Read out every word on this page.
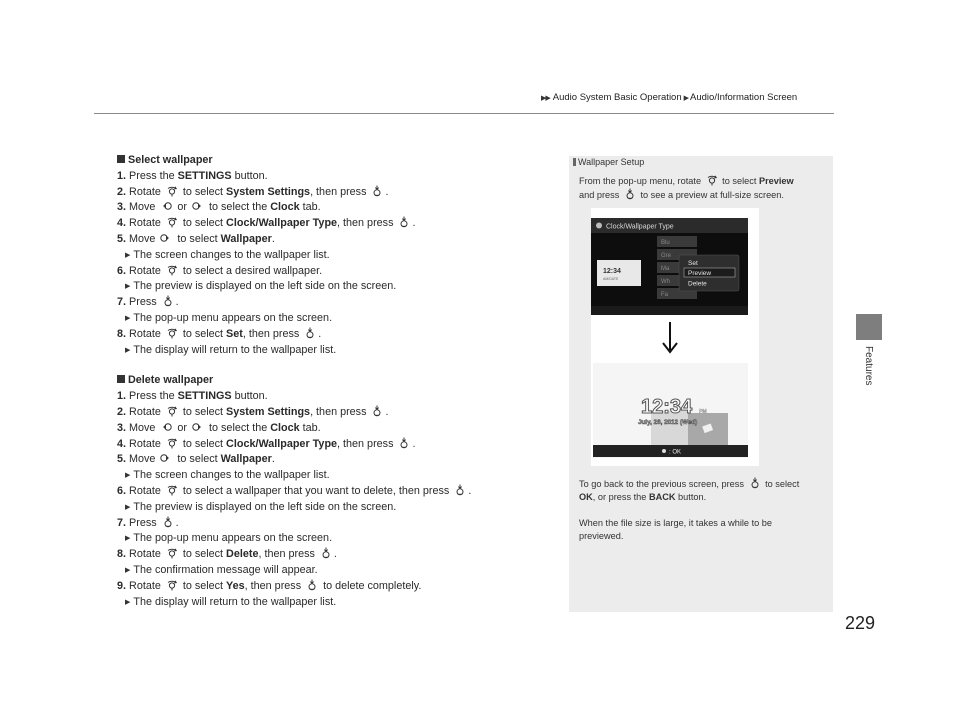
▶▶ Audio System Basic Operation ▶ Audio/Information Screen
Features
Select wallpaper
1. Press the SETTINGS button.
2. Rotate  to select System Settings, then press .
3. Move  or  to select the Clock tab.
4. Rotate  to select Clock/Wallpaper Type, then press .
5. Move  to select Wallpaper.
▶ The screen changes to the wallpaper list.
6. Rotate  to select a desired wallpaper.
▶ The preview is displayed on the left side on the screen.
7. Press .
▶ The pop-up menu appears on the screen.
8. Rotate  to select Set, then press .
▶ The display will return to the wallpaper list.
Delete wallpaper
1. Press the SETTINGS button.
2. Rotate  to select System Settings, then press .
3. Move  or  to select the Clock tab.
4. Rotate  to select Clock/Wallpaper Type, then press .
5. Move  to select Wallpaper.
▶ The screen changes to the wallpaper list.
6. Rotate  to select a wallpaper that you want to delete, then press .
▶ The preview is displayed on the left side on the screen.
7. Press .
▶ The pop-up menu appears on the screen.
8. Rotate  to select Delete, then press .
▶ The confirmation message will appear.
9. Rotate  to select Yes, then press  to delete completely.
▶ The display will return to the wallpaper list.
Wallpaper Setup
From the pop-up menu, rotate  to select Preview
and press  to see a preview at full-size screen.
Clock/Wallpaper Type
Blu
Gre
Ma
Wh
Fa
12:34
AM/DATE
Set
Preview
Delete
12:34 PM
July, 26, 2012 (Wed)
: OK
To go back to the previous screen, press  to select
OK, or press the BACK button.
When the file size is large, it takes a while to be
previewed.
229
